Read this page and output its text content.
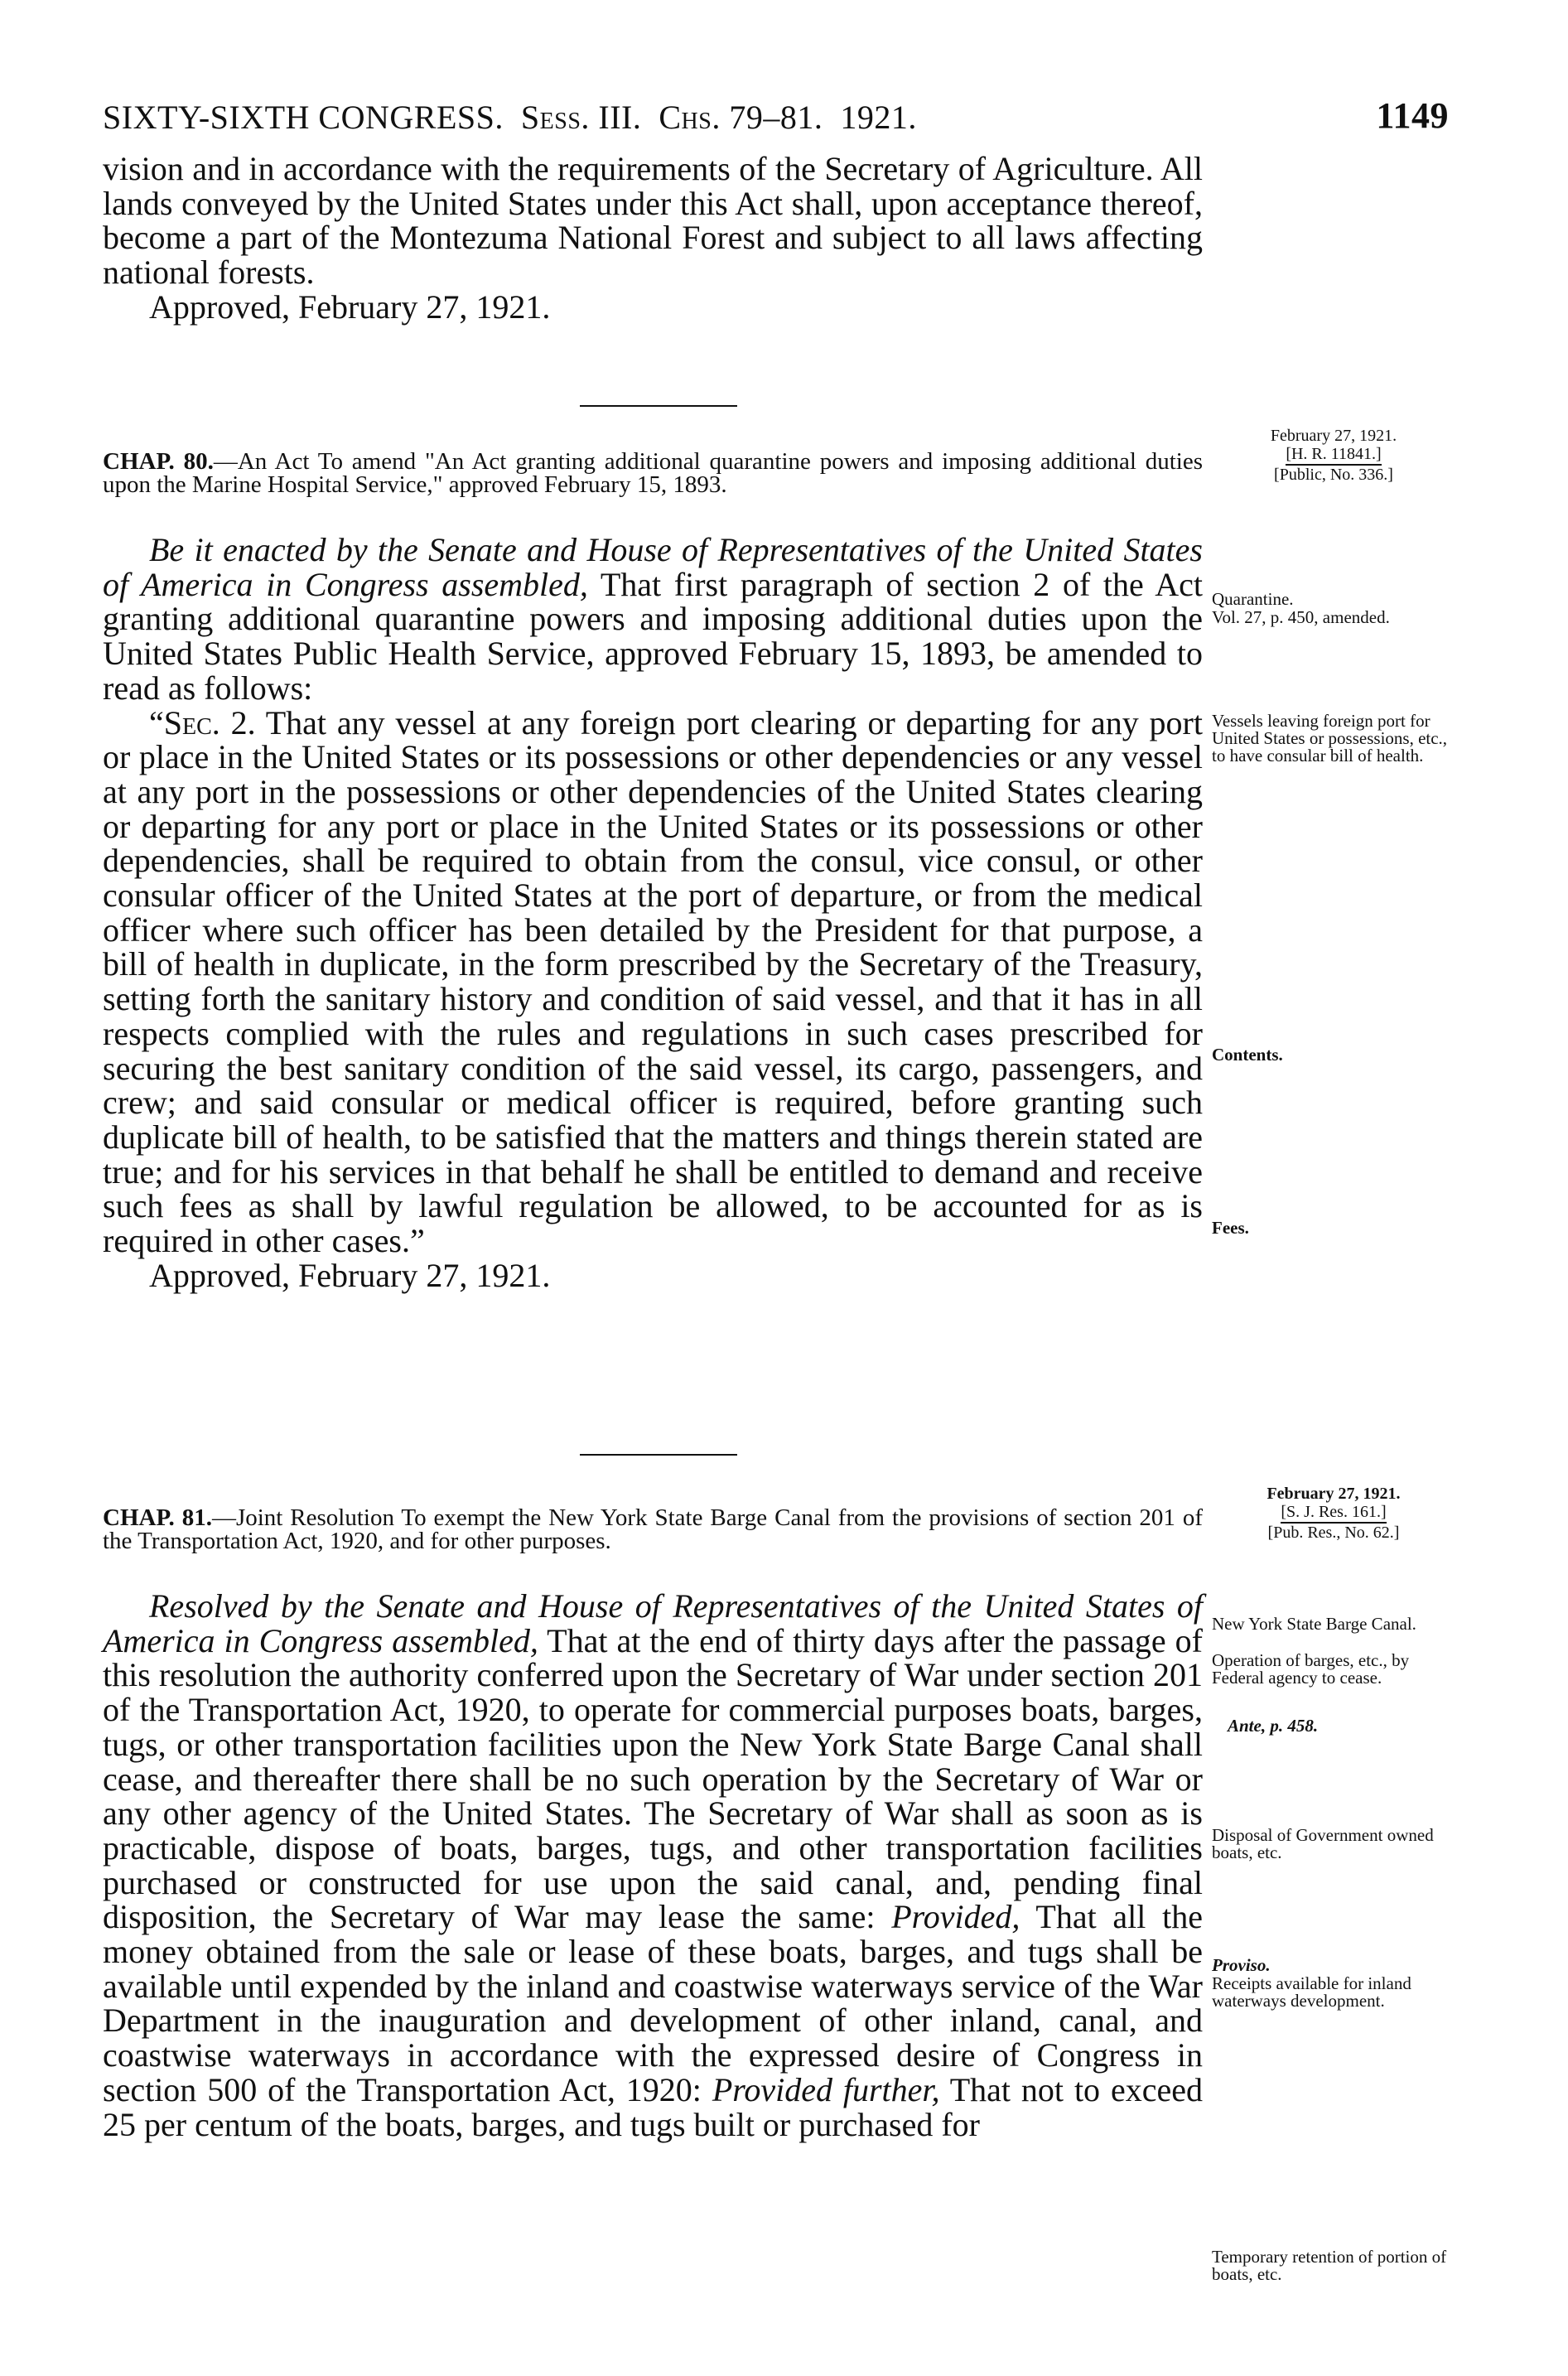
SIXTY-SIXTH CONGRESS. Sess. III. Chs. 79–81. 1921.	1149

vision and in accordance with the requirements of the Secretary of Agriculture. All lands conveyed by the United States under this Act shall, upon acceptance thereof, become a part of the Montezuma National Forest and subject to all laws affecting national forests.

Approved, February 27, 1921.

CHAP. 80.—An Act To amend "An Act granting additional quarantine powers and imposing additional duties upon the Marine Hospital Service," approved February 15, 1893.

Be it enacted by the Senate and House of Representatives of the United States of America in Congress assembled, That first paragraph of section 2 of the Act granting additional quarantine powers and imposing additional duties upon the United States Public Health Service, approved February 15, 1893, be amended to read as follows:

“Sec. 2. That any vessel at any foreign port clearing or departing for any port or place in the United States or its possessions or other dependencies or any vessel at any port in the possessions or other dependencies of the United States clearing or departing for any port or place in the United States or its possessions or other dependencies, shall be required to obtain from the consul, vice consul, or other consular officer of the United States at the port of departure, or from the medical officer where such officer has been detailed by the President for that purpose, a bill of health in duplicate, in the form prescribed by the Secretary of the Treasury, setting forth the sanitary history and condition of said vessel, and that it has in all respects complied with the rules and regulations in such cases prescribed for securing the best sanitary condition of the said vessel, its cargo, passengers, and crew; and said consular or medical officer is required, before granting such duplicate bill of health, to be satisfied that the matters and things therein stated are true; and for his services in that behalf he shall be entitled to demand and receive such fees as shall by lawful regulation be allowed, to be accounted for as is required in other cases.”

Approved, February 27, 1921.

February 27, 1921.
[H. R. 11841.]
[Public, No. 336.]
Quarantine.
Vol. 27, p. 450, amended.
Vessels leaving foreign port for United States or possessions, etc., to have consular bill of health.
Contents.
Fees.

CHAP. 81.—Joint Resolution To exempt the New York State Barge Canal from the provisions of section 201 of the Transportation Act, 1920, and for other purposes.

Resolved by the Senate and House of Representatives of the United States of America in Congress assembled, That at the end of thirty days after the passage of this resolution the authority conferred upon the Secretary of War under section 201 of the Transportation Act, 1920, to operate for commercial purposes boats, barges, tugs, or other transportation facilities upon the New York State Barge Canal shall cease, and thereafter there shall be no such operation by the Secretary of War or any other agency of the United States. The Secretary of War shall as soon as is practicable, dispose of boats, barges, tugs, and other transportation facilities purchased or constructed for use upon the said canal, and, pending final disposition, the Secretary of War may lease the same: Provided, That all the money obtained from the sale or lease of these boats, barges, and tugs shall be available until expended by the inland and coastwise waterways service of the War Department in the inauguration and development of other inland, canal, and coastwise waterways in accordance with the expressed desire of Congress in section 500 of the Transportation Act, 1920: Provided further, That not to exceed 25 per centum of the boats, barges, and tugs built or purchased for

February 27, 1921.
[S. J. Res. 161.]
[Pub. Res., No. 62.]
New York State Barge Canal.
Operation of barges, etc., by Federal agency to cease.
Ante, p. 458.
Disposal of Government owned boats, etc.
Proviso.
Receipts available for inland waterways development.
Temporary retention of portion of boats, etc.
